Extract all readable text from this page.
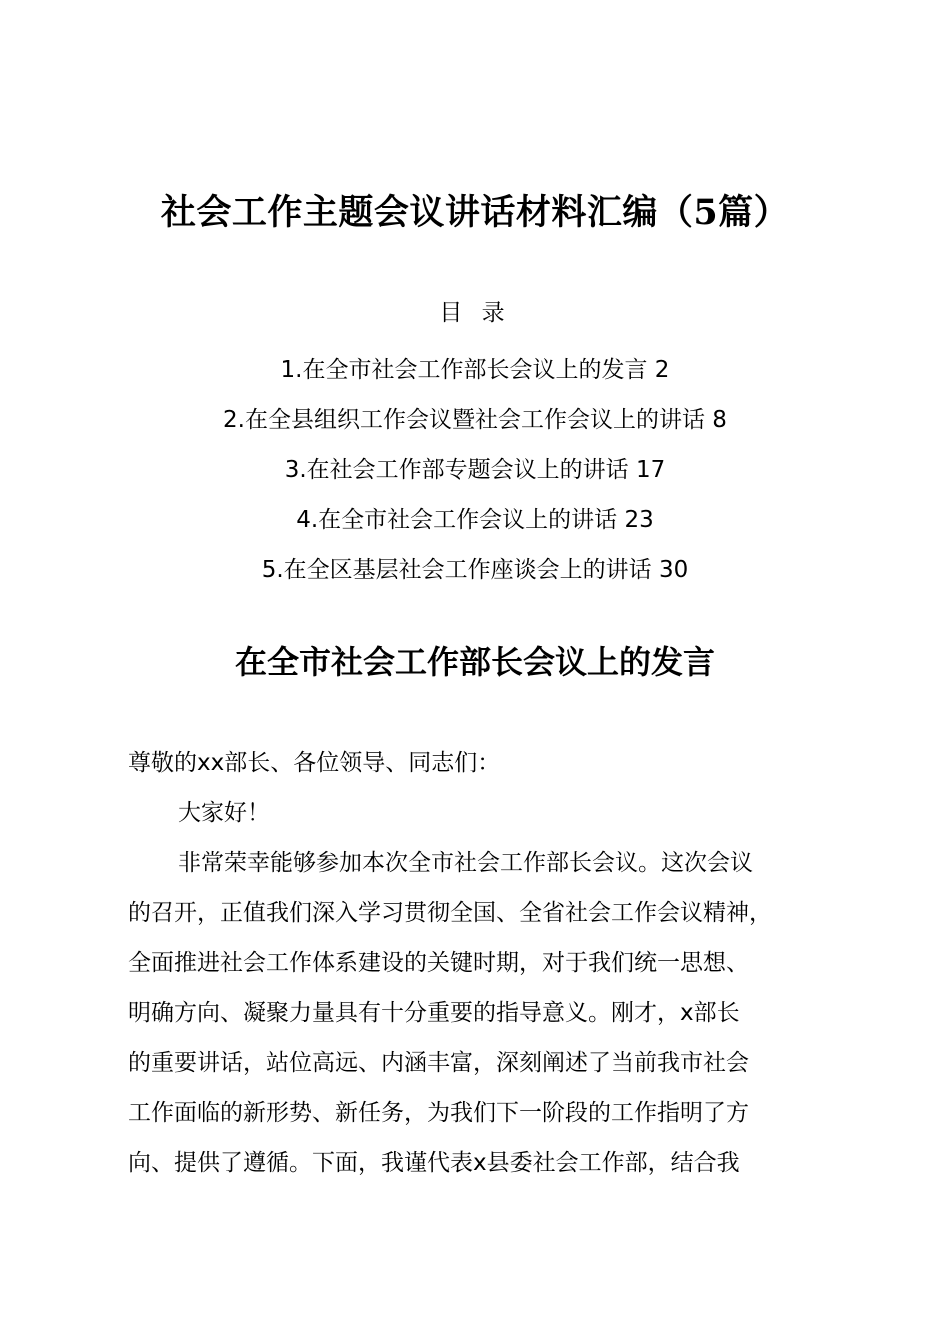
社会工作主题会议讲话材料汇编（5篇）
目 录
1.在全市社会工作部长会议上的发言 2
2.在全县组织工作会议暨社会工作会议上的讲话 8
3.在社会工作部专题会议上的讲话 17
4.在全市社会工作会议上的讲话 23
5.在全区基层社会工作座谈会上的讲话 30
在全市社会工作部长会议上的发言

尊敬的xx部长、各位领导、同志们：

大家好！

非常荣幸能够参加本次全市社会工作部长会议。这次会议

的召开，正值我们深入学习贯彻全国、全省社会工作会议精神，

全面推进社会工作体系建设的关键时期，对于我们统一思想、

明确方向、凝聚力量具有十分重要的指导意义。刚才，x部长

的重要讲话，站位高远、内涵丰富，深刻阐述了当前我市社会

工作面临的新形势、新任务，为我们下一阶段的工作指明了方

向、提供了遵循。下面，我谨代表x县委社会工作部，结合我
